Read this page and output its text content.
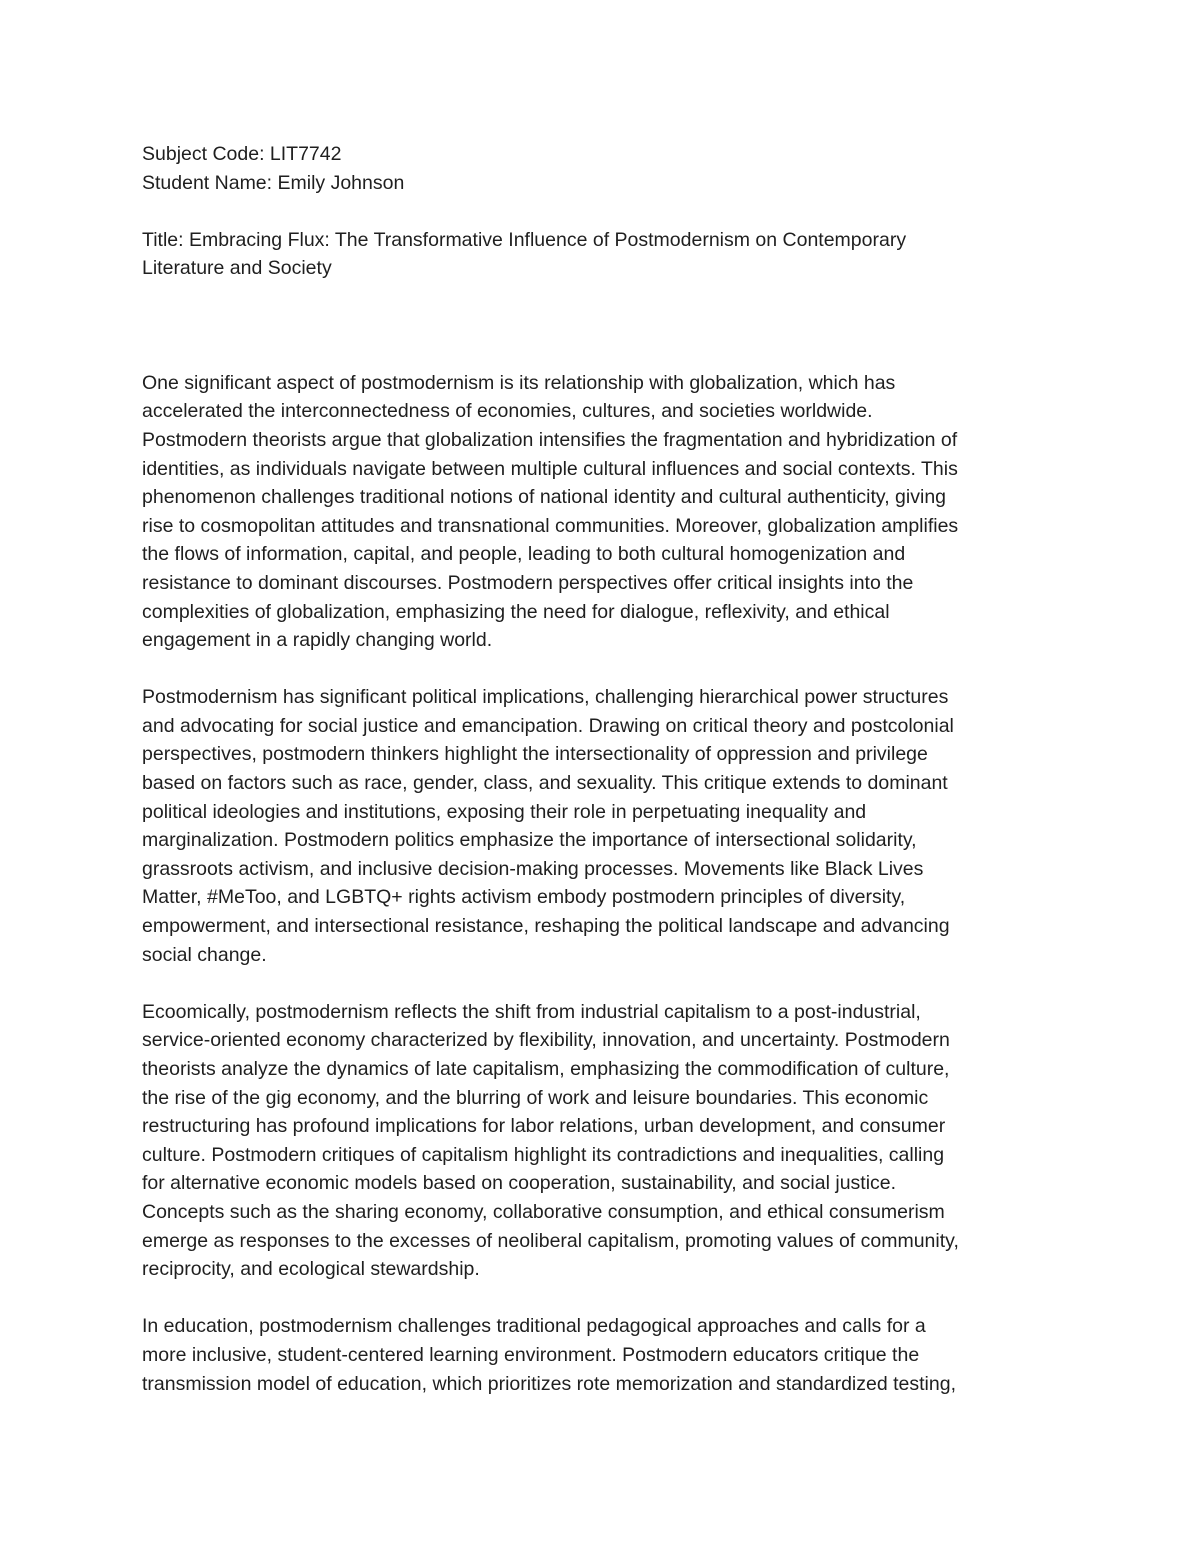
Subject Code: LIT7742
Student Name: Emily Johnson
Title: Embracing Flux: The Transformative Influence of Postmodernism on Contemporary
Literature and Society

One significant aspect of postmodernism is its relationship with globalization, which has
accelerated the interconnectedness of economies, cultures, and societies worldwide.
Postmodern theorists argue that globalization intensifies the fragmentation and hybridization of
identities, as individuals navigate between multiple cultural influences and social contexts. This
phenomenon challenges traditional notions of national identity and cultural authenticity, giving
rise to cosmopolitan attitudes and transnational communities. Moreover, globalization amplifies
the flows of information, capital, and people, leading to both cultural homogenization and
resistance to dominant discourses. Postmodern perspectives offer critical insights into the
complexities of globalization, emphasizing the need for dialogue, reflexivity, and ethical
engagement in a rapidly changing world.

Postmodernism has significant political implications, challenging hierarchical power structures
and advocating for social justice and emancipation. Drawing on critical theory and postcolonial
perspectives, postmodern thinkers highlight the intersectionality of oppression and privilege
based on factors such as race, gender, class, and sexuality. This critique extends to dominant
political ideologies and institutions, exposing their role in perpetuating inequality and
marginalization. Postmodern politics emphasize the importance of intersectional solidarity,
grassroots activism, and inclusive decision-making processes. Movements like Black Lives
Matter, #MeToo, and LGBTQ+ rights activism embody postmodern principles of diversity,
empowerment, and intersectional resistance, reshaping the political landscape and advancing
social change.

Ecoomically, postmodernism reflects the shift from industrial capitalism to a post-industrial,
service-oriented economy characterized by flexibility, innovation, and uncertainty. Postmodern
theorists analyze the dynamics of late capitalism, emphasizing the commodification of culture,
the rise of the gig economy, and the blurring of work and leisure boundaries. This economic
restructuring has profound implications for labor relations, urban development, and consumer
culture. Postmodern critiques of capitalism highlight its contradictions and inequalities, calling
for alternative economic models based on cooperation, sustainability, and social justice.
Concepts such as the sharing economy, collaborative consumption, and ethical consumerism
emerge as responses to the excesses of neoliberal capitalism, promoting values of community,
reciprocity, and ecological stewardship.

In education, postmodernism challenges traditional pedagogical approaches and calls for a
more inclusive, student-centered learning environment. Postmodern educators critique the
transmission model of education, which prioritizes rote memorization and standardized testing,
